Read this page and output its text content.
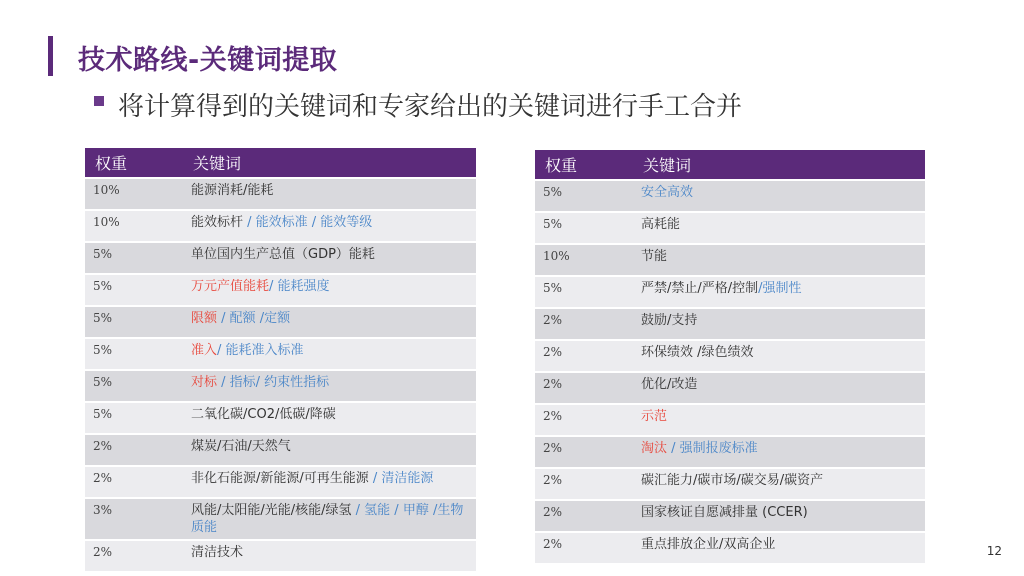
技术路线-关键词提取
将计算得到的关键词和专家给出的关键词进行手工合并
权重	关键词
10%	能源消耗/能耗
10%	能效标杆 / 能效标准 / 能效等级
5%	单位国内生产总值（GDP）能耗
5%	万元产值能耗/ 能耗强度
5%	限额 / 配额 /定额
5%	准入/ 能耗准入标准
5%	对标 / 指标/ 约束性指标
5%	二氧化碳/CO2/低碳/降碳
2%	煤炭/石油/天然气
2%	非化石能源/新能源/可再生能源 / 清洁能源
3%	风能/太阳能/光能/核能/绿氢 / 氢能 / 甲醇 /生物质能
2%	清洁技术
权重	关键词
5%	安全高效
5%	高耗能
10%	节能
5%	严禁/禁止/严格/控制/强制性
2%	鼓励/支持
2%	环保绩效 /绿色绩效
2%	优化/改造
2%	示范
2%	淘汰 / 强制报废标准
2%	碳汇能力/碳市场/碳交易/碳资产
2%	国家核证自愿减排量 (CCER)
2%	重点排放企业/双高企业	12
